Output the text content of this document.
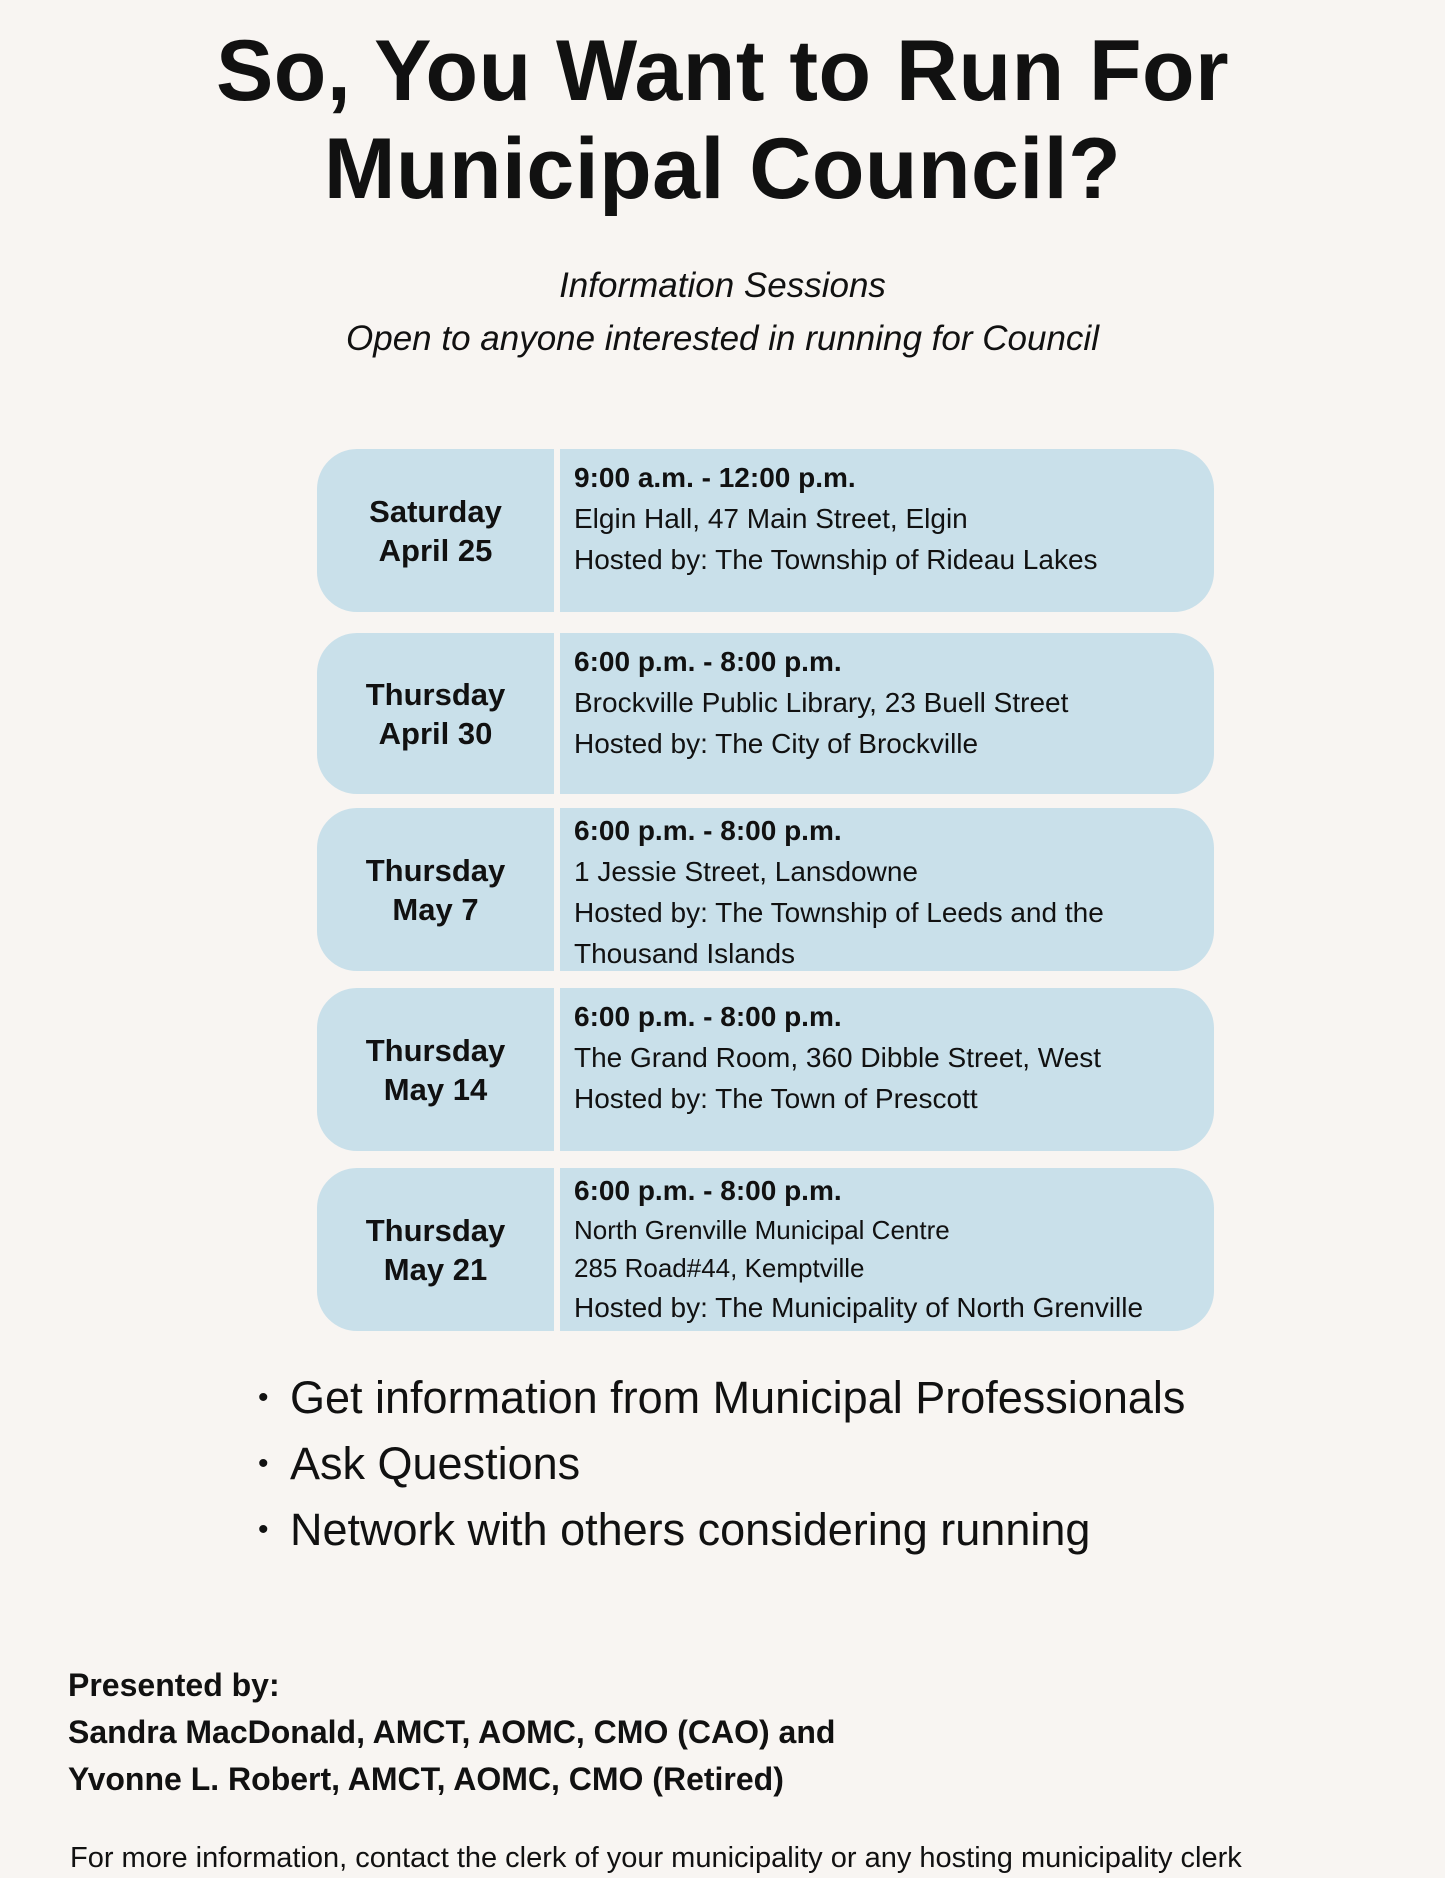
So, You Want to Run For
Municipal Council?

Information Sessions

Open to anyone interested in running for Council

Saturday
April 25
9:00 a.m. - 12:00 p.m.
Elgin Hall, 47 Main Street, Elgin
Hosted by: The Township of Rideau Lakes
Thursday
April 30
6:00 p.m. - 8:00 p.m.
Brockville Public Library, 23 Buell Street
Hosted by: The City of Brockville
Thursday
May 7
6:00 p.m. - 8:00 p.m.
1 Jessie Street, Lansdowne
Hosted by: The Township of Leeds and the
Thousand Islands
Thursday
May 14
6:00 p.m. - 8:00 p.m.
The Grand Room, 360 Dibble Street, West
Hosted by: The Town of Prescott
Thursday
May 21
6:00 p.m. - 8:00 p.m.
North Grenville Municipal Centre
285 Road#44, Kemptville
Hosted by: The Municipality of North Grenville
• Get information from Municipal Professionals
• Ask Questions
• Network with others considering running
Presented by:
Sandra MacDonald, AMCT, AOMC, CMO (CAO) and
Yvonne L. Robert, AMCT, AOMC, CMO (Retired)
For more information, contact the clerk of your municipality or any hosting municipality clerk
